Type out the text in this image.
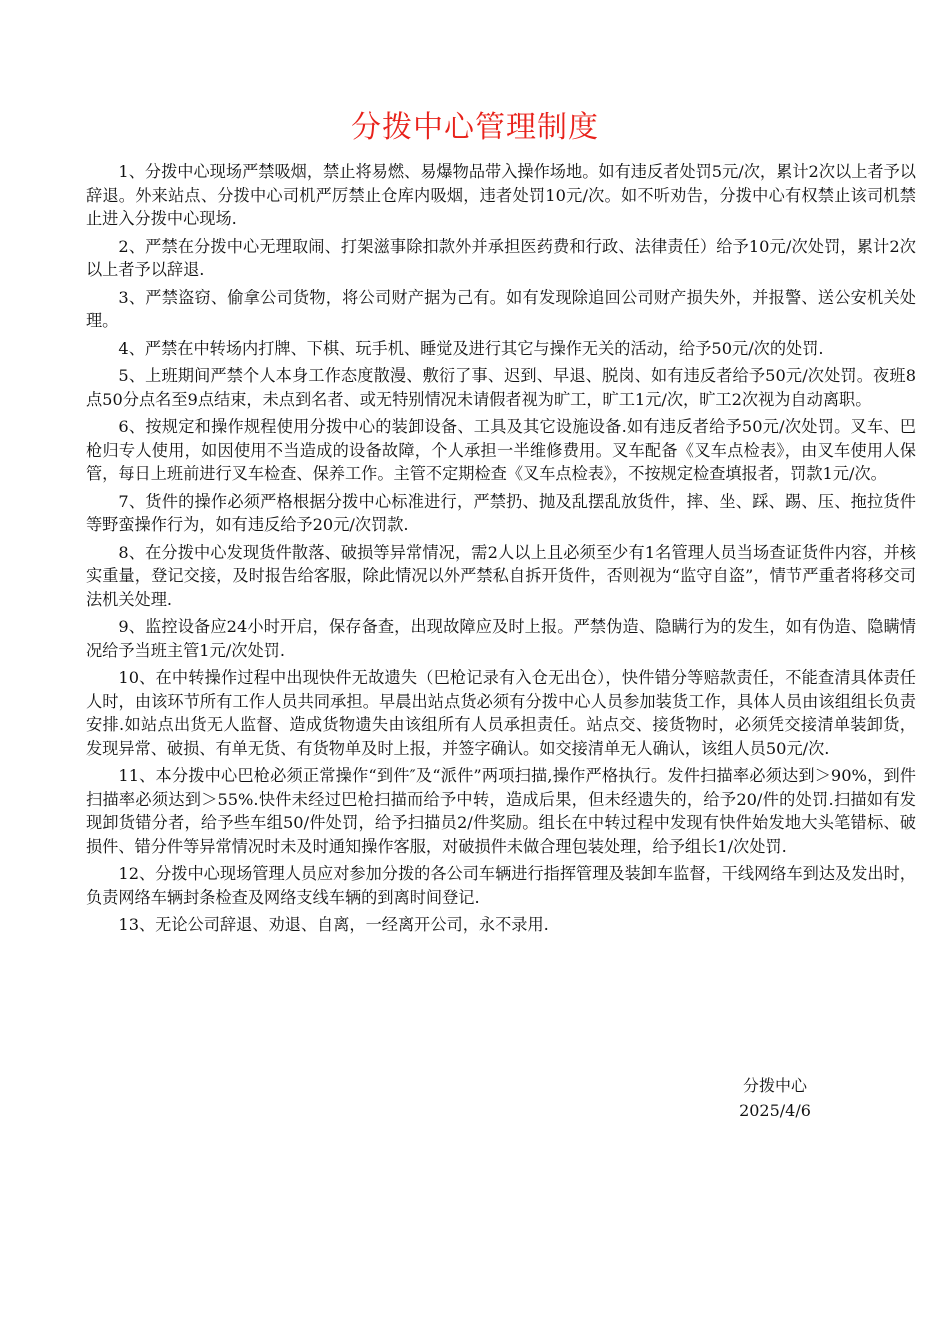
分拨中心管理制度

1、分拨中心现场严禁吸烟，禁止将易燃、易爆物品带入操作场地。如有违反者处罚5元/次，累计2次以上者予以辞退。外来站点、分拨中心司机严厉禁止仓库内吸烟，违者处罚10元/次。如不听劝告，分拨中心有权禁止该司机禁止进入分拨中心现场.

2、严禁在分拨中心无理取闹、打架滋事除扣款外并承担医药费和行政、法律责任）给予10元/次处罚，累计2次以上者予以辞退.

3、严禁盗窃、偷拿公司货物，将公司财产据为己有。如有发现除追回公司财产损失外，并报警、送公安机关处理。

4、严禁在中转场内打牌、下棋、玩手机、睡觉及进行其它与操作无关的活动，给予50元/次的处罚.

5、上班期间严禁个人本身工作态度散漫、敷衍了事、迟到、早退、脱岗、如有违反者给予50元/次处罚。夜班8点50分点名至9点结束，未点到名者、或无特别情况未请假者视为旷工，旷工1元/次，旷工2次视为自动离职。

6、按规定和操作规程使用分拨中心的装卸设备、工具及其它设施设备.如有违反者给予50元/次处罚。叉车、巴枪归专人使用，如因使用不当造成的设备故障，个人承担一半维修费用。叉车配备《叉车点检表》，由叉车使用人保管，每日上班前进行叉车检查、保养工作。主管不定期检查《叉车点检表》，不按规定检查填报者，罚款1元/次。

7、货件的操作必须严格根据分拨中心标准进行，严禁扔、抛及乱摆乱放货件，摔、坐、踩、踢、压、拖拉货件等野蛮操作行为，如有违反给予20元/次罚款.

8、在分拨中心发现货件散落、破损等异常情况，需2人以上且必须至少有1名管理人员当场查证货件内容，并核实重量，登记交接，及时报告给客服，除此情况以外严禁私自拆开货件，否则视为“监守自盗”，情节严重者将移交司法机关处理.

9、监控设备应24小时开启，保存备查，出现故障应及时上报。严禁伪造、隐瞒行为的发生，如有伪造、隐瞒情况给予当班主管1元/次处罚.

10、在中转操作过程中出现快件无故遗失（巴枪记录有入仓无出仓），快件错分等赔款责任，不能查清具体责任人时，由该环节所有工作人员共同承担。早晨出站点货必须有分拨中心人员参加装货工作，具体人员由该组组长负责安排.如站点出货无人监督、造成货物遗失由该组所有人员承担责任。站点交、接货物时，必须凭交接清单装卸货，发现异常、破损、有单无货、有货物单及时上报，并签字确认。如交接清单无人确认，该组人员50元/次.

11、本分拨中心巴枪必须正常操作“到件″及“派件”两项扫描,操作严格执行。发件扫描率必须达到＞90%，到件扫描率必须达到＞55%.快件未经过巴枪扫描而给予中转，造成后果，但未经遗失的，给予20/件的处罚.扫描如有发现卸货错分者，给予些车组50/件处罚，给予扫描员2/件奖励。组长在中转过程中发现有快件始发地大头笔错标、破损件、错分件等异常情况时未及时通知操作客服，对破损件未做合理包装处理，给予组长1/次处罚.

12、分拨中心现场管理人员应对参加分拨的各公司车辆进行指挥管理及装卸车监督，干线网络车到达及发出时，负责网络车辆封条检查及网络支线车辆的到离时间登记.

13、无论公司辞退、劝退、自离，一经离开公司，永不录用.

分拨中心
2025/4/6
